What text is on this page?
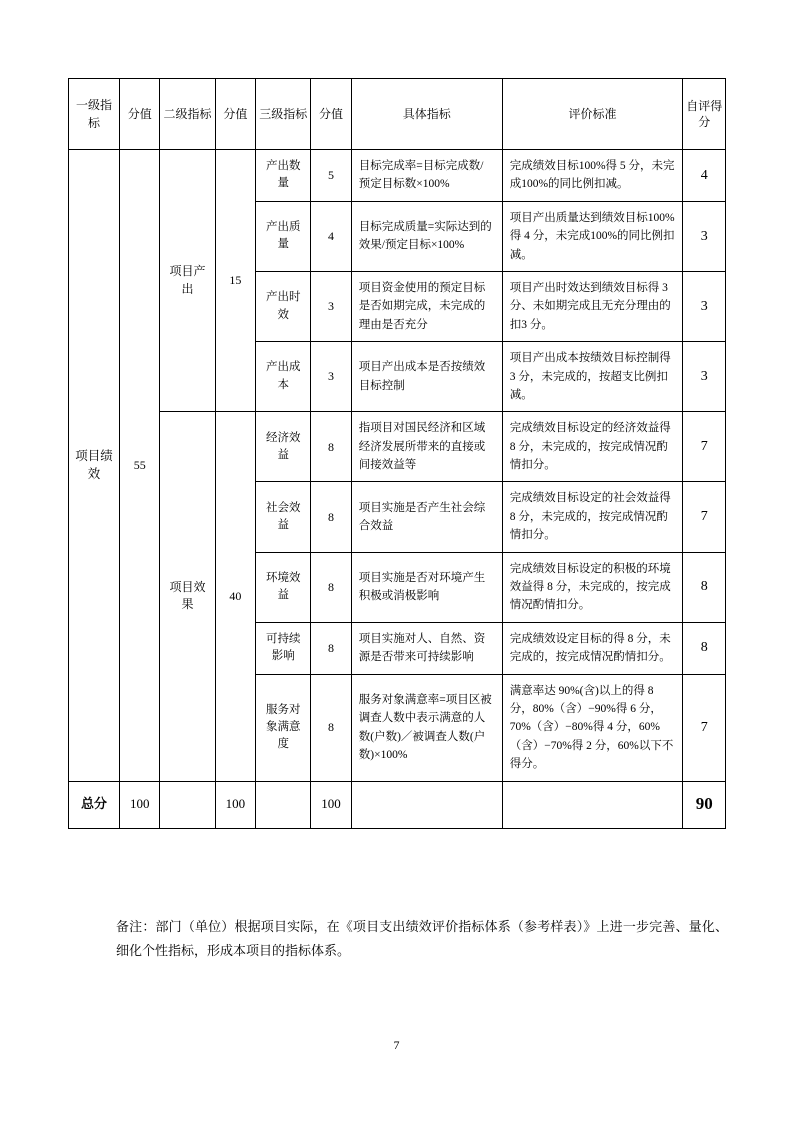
一级指标	分值	二级指标	分值	三级指标	分值	具体指标	评价标准	自评得分

项目绩效	55	项目产出	15	产出数量	5	目标完成率=目标完成数/预定目标数×100%	完成绩效目标100%得 5 分，未完成100%的同比例扣减。	4

				产出质量	4	目标完成质量=实际达到的效果/预定目标×100%	项目产出质量达到绩效目标100%得 4 分，未完成100%的同比例扣减。	3

				产出时效	3	项目资金使用的预定目标是否如期完成，未完成的理由是否充分	项目产出时效达到绩效目标得 3 分、未如期完成且无充分理由的扣3 分。	3

				产出成本	3	项目产出成本是否按绩效目标控制	项目产出成本按绩效目标控制得 3 分，未完成的，按超支比例扣减。	3

		项目效果	40	经济效益	8	指项目对国民经济和区域经济发展所带来的直接或间接效益等	完成绩效目标设定的经济效益得 8 分，未完成的，按完成情况酌情扣分。	7

				社会效益	8	项目实施是否产生社会综合效益	完成绩效目标设定的社会效益得 8 分，未完成的，按完成情况酌情扣分。	7

				环境效益	8	项目实施是否对环境产生积极或消极影响	完成绩效目标设定的积极的环境效益得 8 分，未完成的，按完成情况酌情扣分。	8

				可持续影响	8	项目实施对人、自然、资源是否带来可持续影响	完成绩效设定目标的得 8 分，未完成的，按完成情况酌情扣分。	8

				服务对象满意度	8	服务对象满意率=项目区被调查人数中表示满意的人数(户数)／被调查人数(户数)×100%	满意率达 90%(含)以上的得 8 分，80%（含）−90%得 6 分，70%（含）−80%得 4 分，60%（含）−70%得 2 分，60%以下不得分。	7

总分	100		100		100			90

备注：部门（单位）根据项目实际，在《项目支出绩效评价指标体系（参考样表）》上进一步完善、量化、细化个性指标，形成本项目的指标体系。

7
